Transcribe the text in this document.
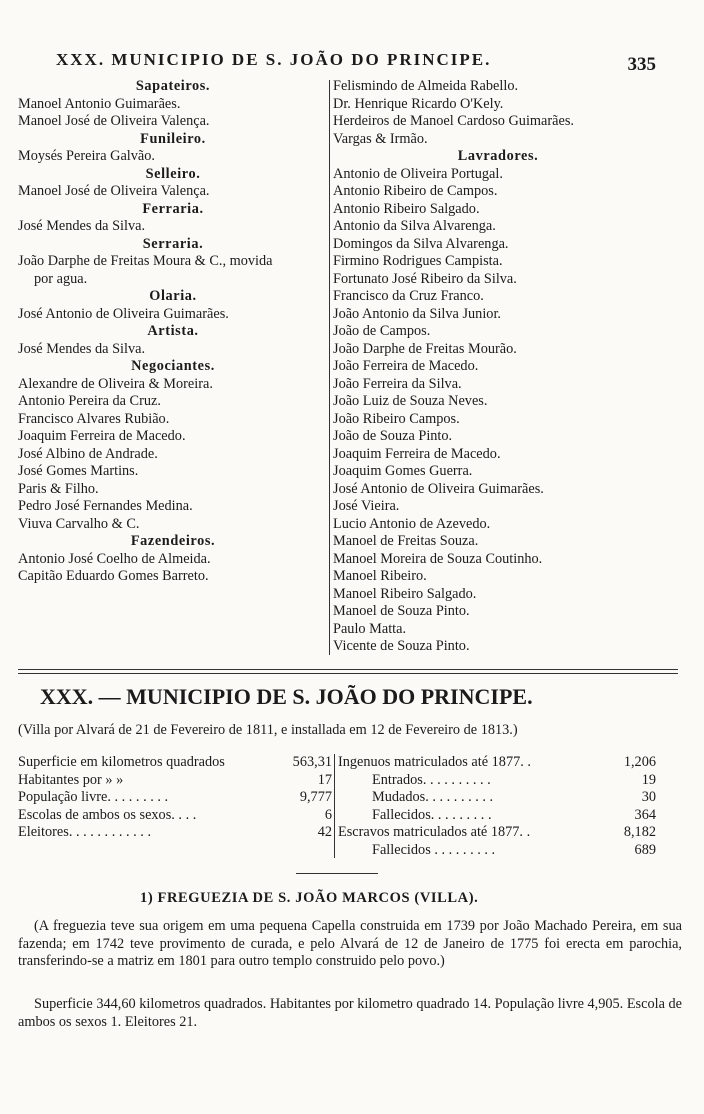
XXX. MUNICIPIO DE S. JOÃO DO PRINCIPE.	335
Sapateiros.
Manoel Antonio Guimarães.
Manoel José de Oliveira Valença.
Funileiro.
Moysés Pereira Galvão.
Selleiro.
Manoel José de Oliveira Valença.
Ferraria.
José Mendes da Silva.
Serraria.
João Darphe de Freitas Moura & C., movida
por agua.
Olaria.
José Antonio de Oliveira Guimarães.
Artista.
José Mendes da Silva.
Negociantes.
Alexandre de Oliveira & Moreira.
Antonio Pereira da Cruz.
Francisco Alvares Rubião.
Joaquim Ferreira de Macedo.
José Albino de Andrade.
José Gomes Martins.
Paris & Filho.
Pedro José Fernandes Medina.
Viuva Carvalho & C.
Fazendeiros.
Antonio José Coelho de Almeida.
Capitão Eduardo Gomes Barreto.
Felismindo de Almeida Rabello.
Dr. Henrique Ricardo O'Kely.
Herdeiros de Manoel Cardoso Guimarães.
Vargas & Irmão.
Lavradores.
Antonio de Oliveira Portugal.
Antonio Ribeiro de Campos.
Antonio Ribeiro Salgado.
Antonio da Silva Alvarenga.
Domingos da Silva Alvarenga.
Firmino Rodrigues Campista.
Fortunato José Ribeiro da Silva.
Francisco da Cruz Franco.
João Antonio da Silva Junior.
João de Campos.
João Darphe de Freitas Mourão.
João Ferreira de Macedo.
João Ferreira da Silva.
João Luiz de Souza Neves.
João Ribeiro Campos.
João de Souza Pinto.
Joaquim Ferreira de Macedo.
Joaquim Gomes Guerra.
José Antonio de Oliveira Guimarães.
José Vieira.
Lucio Antonio de Azevedo.
Manoel de Freitas Souza.
Manoel Moreira de Souza Coutinho.
Manoel Ribeiro.
Manoel Ribeiro Salgado.
Manoel de Souza Pinto.
Paulo Matta.
Vicente de Souza Pinto.
XXX. — MUNICIPIO DE S. JOÃO DO PRINCIPE.
(Villa por Alvará de 21 de Fevereiro de 1811, e installada em 12 de Fevereiro de 1813.)
Superficie em kilometros quadrados	563,31
Habitantes por » »	17
População livre. . . . . . . . .	9,777
Escolas de ambos os sexos. . . .	6
Eleitores. . . . . . . . . . . .	42
Ingenuos matriculados até 1877. .	1,206
Entrados. . . . . . . . . .	19
Mudados. . . . . . . . . .	30
Fallecidos. . . . . . . . .	364
Escravos matriculados até 1877. .	8,182
Fallecidos . . . . . . . . .	689
1) FREGUEZIA DE S. JOÃO MARCOS (VILLA).
(A freguezia teve sua origem em uma pequena Capella construida em 1739 por João Machado Pereira, em sua fazenda; em 1742 teve provimento de curada, e pelo Alvará de 12 de Janeiro de 1775 foi erecta em parochia, transferindo-se a matriz em 1801 para outro templo construido pelo povo.)
Superficie 344,60 kilometros quadrados. Habitantes por kilometro quadrado 14. População livre 4,905. Escola de ambos os sexos 1. Eleitores 21.
